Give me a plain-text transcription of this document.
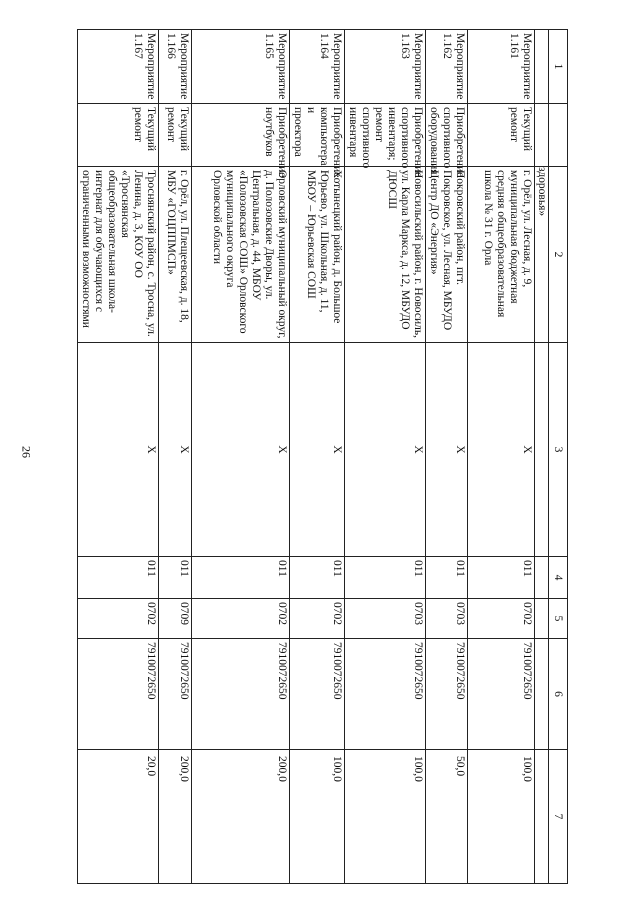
26
1		2	3	4	5	6	7
		здоровья»					
Мероприятие 1.161	Текущий ремонт	г. Орёл, ул. Лесная, д. 9, муниципальная бюджетная средняя общеобразовательная школа № 31 г. Орла	X	011	0702	7910072650	100,0
Мероприятие 1.162	Приобретение спортивного оборудования	Покровский район, пгт. Покровское, ул. Лесная, МБУДО Центр ДО «Энергия»	X	011	0703	7910072650	50,0
Мероприятие 1.163	Приобретение спортивного инвентаря; ремонт спортивного инвентаря	Новосильский район, г. Новосиль, ул. Карла Маркса, д. 12, МБУДО ДЮСШ	X	011	0703	7910072650	100,0
Мероприятие 1.164	Приобретение компьютера и проектора	Хотынецкий район, д. Большое Юрьево, ул. Школьная, д. 11, МБОУ – Юрьевская СОШ	X	011	0702	7910072650	100,0
Мероприятие 1.165	Приобретение ноутбуков	Орловский муниципальный округ, д. Полозовские Дворы, ул. Центральная, д. 44, МБОУ «Полозовская СОШ» Орловского муниципального округа Орловской области	X	011	0702	7910072650	200,0
Мероприятие 1.166	Текущий ремонт	г. Орёл, ул. Плещеевская, д. 18, МБУ «ГОЦППМСП»	X	011	0709	7910072650	200,0
Мероприятие 1.167	Текущий ремонт	Троснянский район, с. Тросна, ул. Ленина, д. 3, КОУ ОО «Троснянская общеобразовательная школа-интернат для обучающихся с ограниченными возможностями	X	011	0702	7910072650	20,0
